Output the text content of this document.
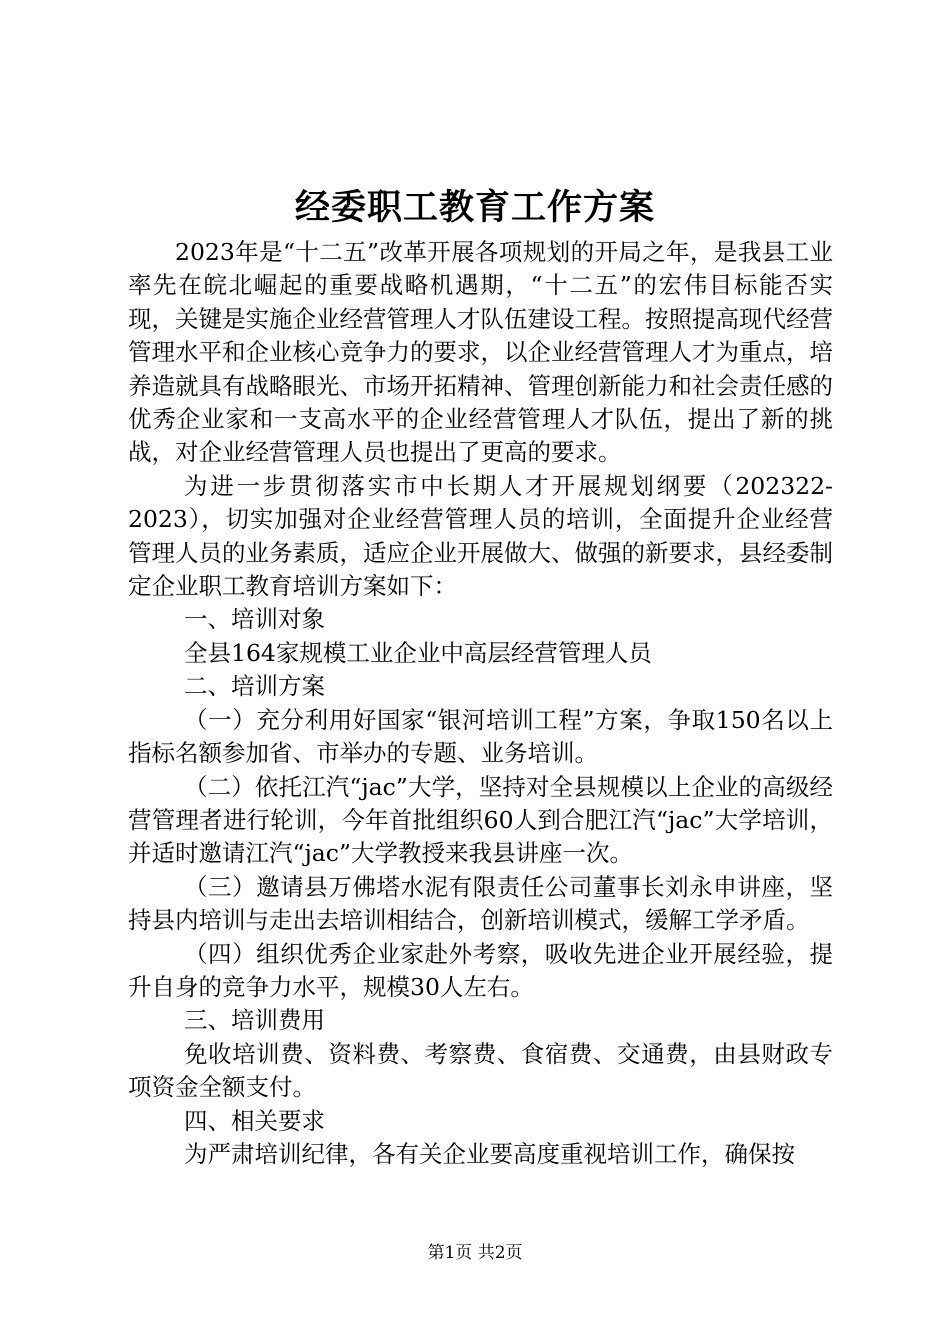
经委职工教育工作方案

2023年是“十二五”改革开展各项规划的开局之年，是我县工业率先在皖北崛起的重要战略机遇期，“十二五”的宏伟目标能否实现，关键是实施企业经营管理人才队伍建设工程。按照提高现代经营管理水平和企业核心竞争力的要求，以企业经营管理人才为重点，培养造就具有战略眼光、市场开拓精神、管理创新能力和社会责任感的优秀企业家和一支高水平的企业经营管理人才队伍，提出了新的挑战，对企业经营管理人员也提出了更高的要求。

为进一步贯彻落实市中长期人才开展规划纲要（202322-2023），切实加强对企业经营管理人员的培训，全面提升企业经营管理人员的业务素质，适应企业开展做大、做强的新要求，县经委制定企业职工教育培训方案如下：

一、培训对象

全县164家规模工业企业中高层经营管理人员

二、培训方案

（一）充分利用好国家“银河培训工程”方案，争取150名以上指标名额参加省、市举办的专题、业务培训。

（二）依托江汽“jac”大学，坚持对全县规模以上企业的高级经营管理者进行轮训，今年首批组织60人到合肥江汽“jac”大学培训，并适时邀请江汽“jac”大学教授来我县讲座一次。

（三）邀请县万佛塔水泥有限责任公司董事长刘永申讲座，坚持县内培训与走出去培训相结合，创新培训模式，缓解工学矛盾。

（四）组织优秀企业家赴外考察，吸收先进企业开展经验，提升自身的竞争力水平，规模30人左右。

三、培训费用

免收培训费、资料费、考察费、食宿费、交通费，由县财政专项资金全额支付。

四、相关要求

为严肃培训纪律，各有关企业要高度重视培训工作，确保按

第1页 共2页
